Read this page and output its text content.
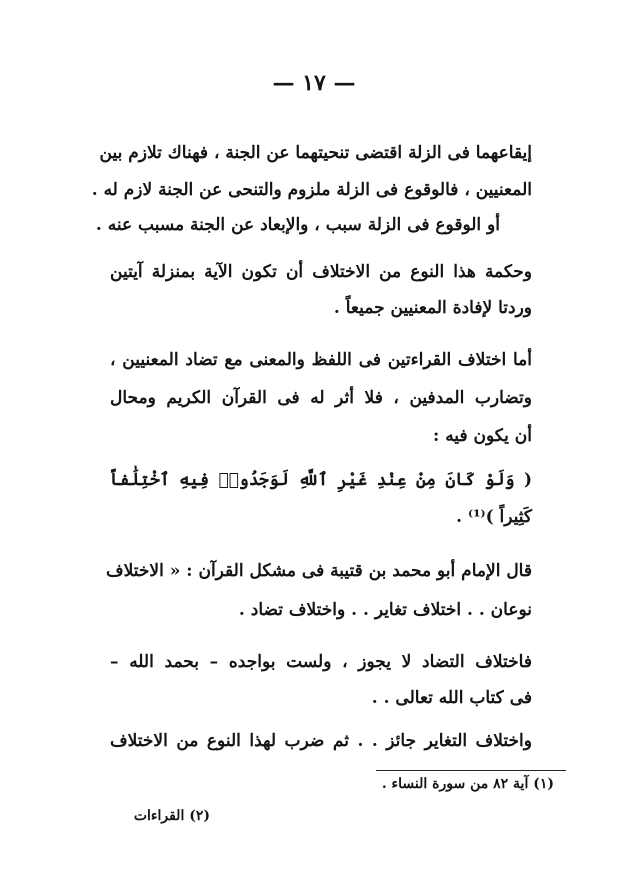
— ١٧ —
إيقاعهما فى الزلة اقتضى تنحيتهما عن الجنة ، فهناك تلازم بين
المعنيين ، فالوقوع فى الزلة ملزوم والتنحى عن الجنة لازم له .
أو الوقوع فى الزلة سبب ، والإبعاد عن الجنة مسبب عنه .
وحكمة هذا النوع من الاختلاف أن تكون الآية بمنزلة آيتين
وردتا لإفادة المعنيين جميعاً .
أما اختلاف القراءتين فى اللفظ والمعنى مع تضاد المعنيين ،
وتضارب المدفين ، فلا أثر له فى القرآن الكريم ومحال
أن يكون فيه :
( وَلَوْ كَانَ مِنْ عِنْدِ غَيْرِ ٱللَّهِ لَوَجَدُوا۟ فِيهِ ٱخْتِلَٰفاً
كَثِيراً )⁽¹⁾ .
قال الإمام أبو محمد بن قتيبة فى مشكل القرآن : « الاختلاف
نوعان . . اختلاف تغاير . . واختلاف تضاد .
فاختلاف التضاد لا يجوز ، ولست بواجده – بحمد الله –
فى كتاب الله تعالى . .
واختلاف التغاير جائز . . ثم ضرب لهذا النوع من الاختلاف
(١) آية ٨٢ من سورة النساء .
(٢) القراءات
